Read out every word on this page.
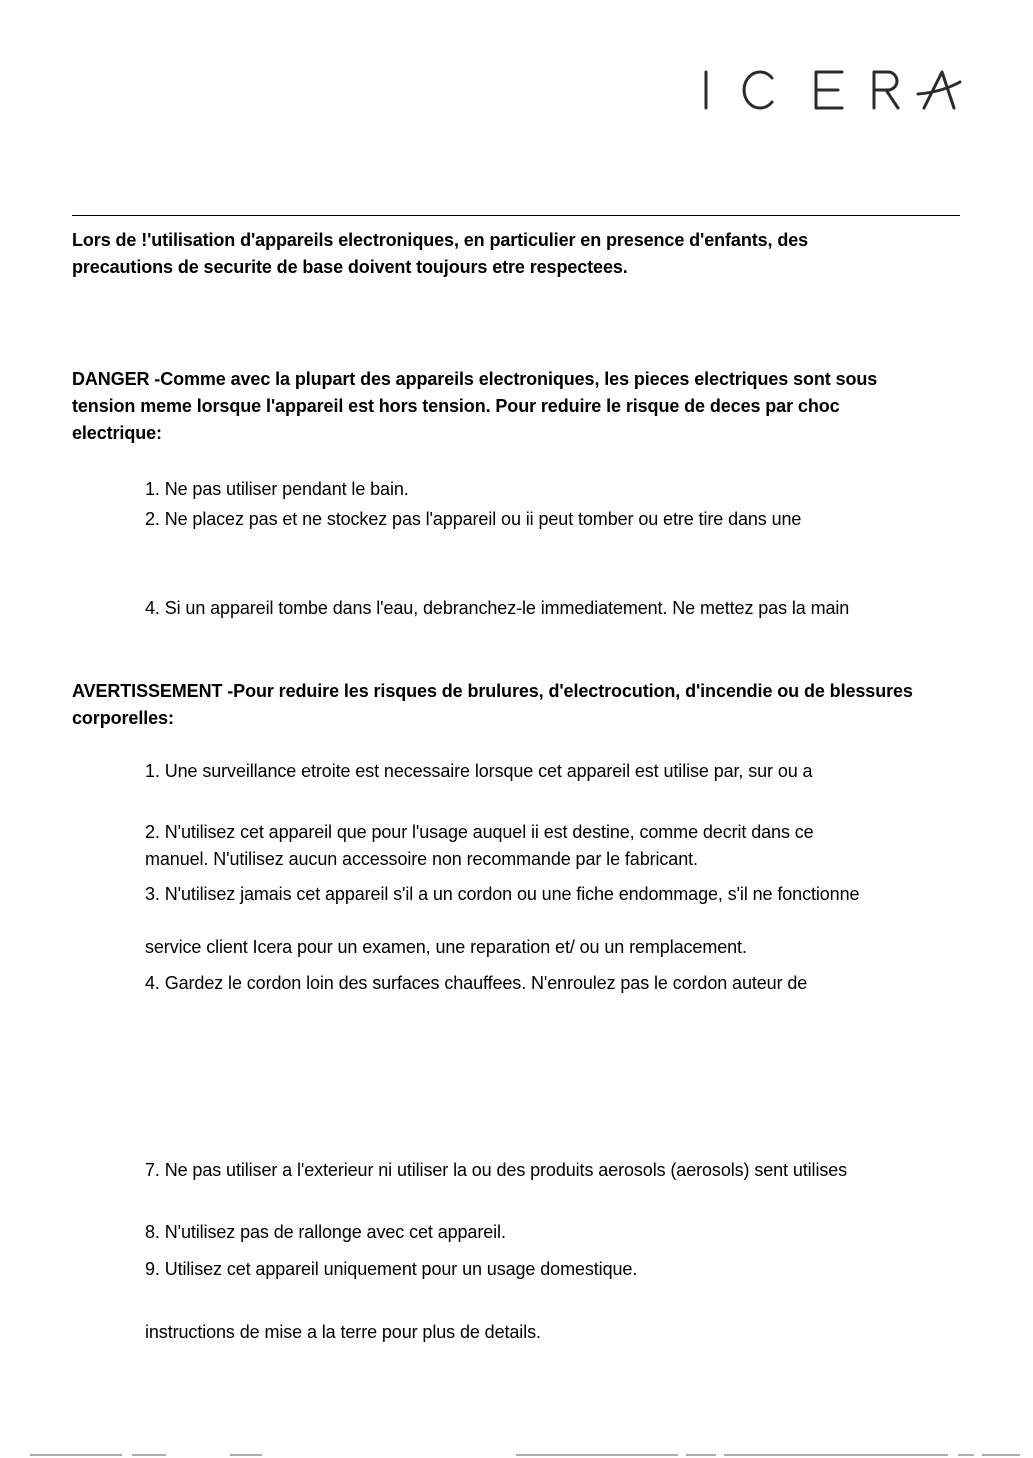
Lors de !'utilisation d'appareils electroniques, en particulier en presence d'enfants, des
precautions de securite de base doivent toujours etre respectees.
DANGER -Comme avec la plupart des appareils electroniques, les pieces electriques sont sous
tension meme lorsque l'appareil est hors tension. Pour reduire le risque de deces par choc
electrique:
1. Ne pas utiliser pendant le bain.
2. Ne placez pas et ne stockez pas l'appareil ou ii peut tomber ou etre tire dans une
4. Si un appareil tombe dans l'eau, debranchez-le immediatement. Ne mettez pas la main
AVERTISSEMENT -Pour reduire les risques de brulures, d'electrocution, d'incendie ou de blessures
corporelles:
1. Une surveillance etroite est necessaire lorsque cet appareil est utilise par, sur ou a
2. N'utilisez cet appareil que pour l'usage auquel ii est destine, comme decrit dans ce
manuel. N'utilisez aucun accessoire non recommande par le fabricant.
3. N'utilisez jamais cet appareil s'il a un cordon ou une fiche endommage, s'il ne fonctionne
service client Icera pour un examen, une reparation et/ ou un remplacement.
4. Gardez le cordon loin des surfaces chauffees. N'enroulez pas le cordon auteur de
7. Ne pas utiliser a l'exterieur ni utiliser la ou des produits aerosols (aerosols) sent utilises
8. N'utilisez pas de rallonge avec cet appareil.
9. Utilisez cet appareil uniquement pour un usage domestique.
instructions de mise a la terre pour plus de details.
